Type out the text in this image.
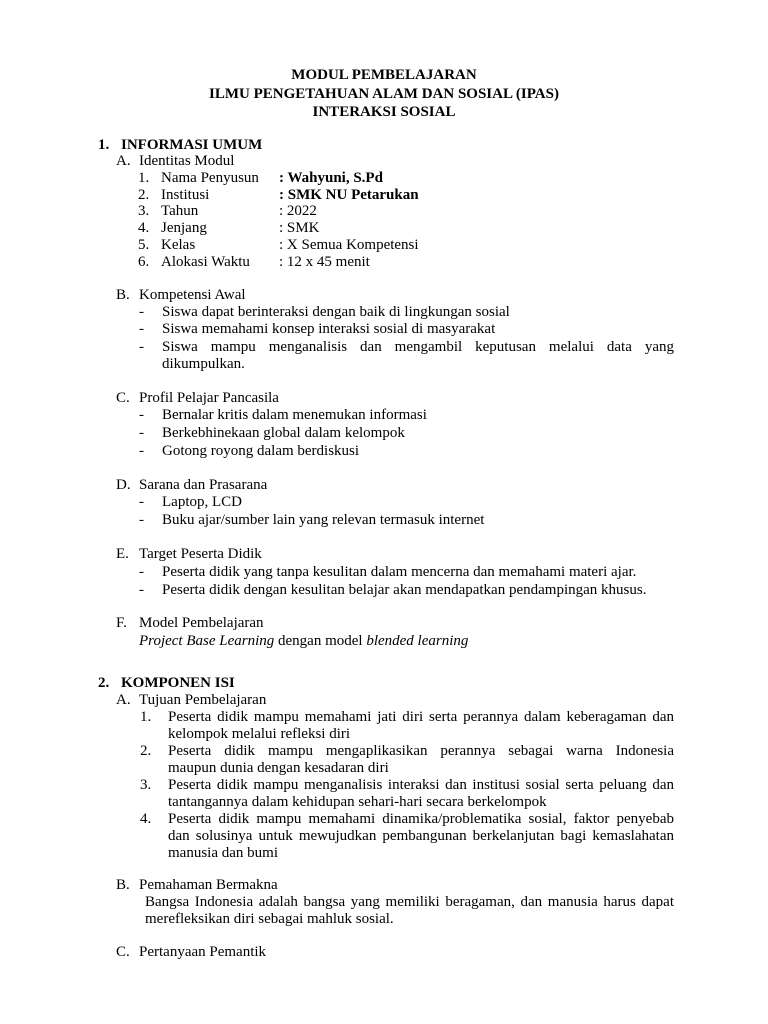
MODUL PEMBELAJARAN
ILMU PENGETAHUAN ALAM DAN SOSIAL (IPAS)
INTERAKSI SOSIAL
1. INFORMASI UMUM
A. Identitas Modul
1. Nama Penyusun : Wahyuni, S.Pd
2. Institusi	: SMK NU Petarukan
3. Tahun	: 2022
4. Jenjang	: SMK
5. Kelas	: X Semua Kompetensi
6. Alokasi Waktu : 12 x 45 menit
B. Kompetensi Awal
- Siswa dapat berinteraksi dengan baik di lingkungan sosial
- Siswa memahami konsep interaksi sosial di masyarakat
- Siswa mampu menganalisis dan mengambil keputusan melalui data yang
dikumpulkan.
C. Profil Pelajar Pancasila
- Bernalar kritis dalam menemukan informasi
- Berkebhinekaan global dalam kelompok
- Gotong royong dalam berdiskusi
D. Sarana dan Prasarana
- Laptop, LCD
- Buku ajar/sumber lain yang relevan termasuk internet
E. Target Peserta Didik
- Peserta didik yang tanpa kesulitan dalam mencerna dan memahami materi ajar.
- Peserta didik dengan kesulitan belajar akan mendapatkan pendampingan khusus.
F. Model Pembelajaran
Project Base Learning dengan model blended learning
2. KOMPONEN ISI
A. Tujuan Pembelajaran
1. Peserta didik mampu memahami jati diri serta perannya dalam keberagaman dan
kelompok melalui refleksi diri
2. Peserta didik mampu mengaplikasikan perannya sebagai warna Indonesia
maupun dunia dengan kesadaran diri
3. Peserta didik mampu menganalisis interaksi dan institusi sosial serta peluang dan
tantangannya dalam kehidupan sehari-hari secara berkelompok
4. Peserta didik mampu memahami dinamika/problematika sosial, faktor penyebab
dan solusinya untuk mewujudkan pembangunan berkelanjutan bagi kemaslahatan
manusia dan bumi
B. Pemahaman Bermakna
Bangsa Indonesia adalah bangsa yang memiliki beragaman, dan manusia harus dapat
merefleksikan diri sebagai mahluk sosial.
C. Pertanyaan Pemantik
